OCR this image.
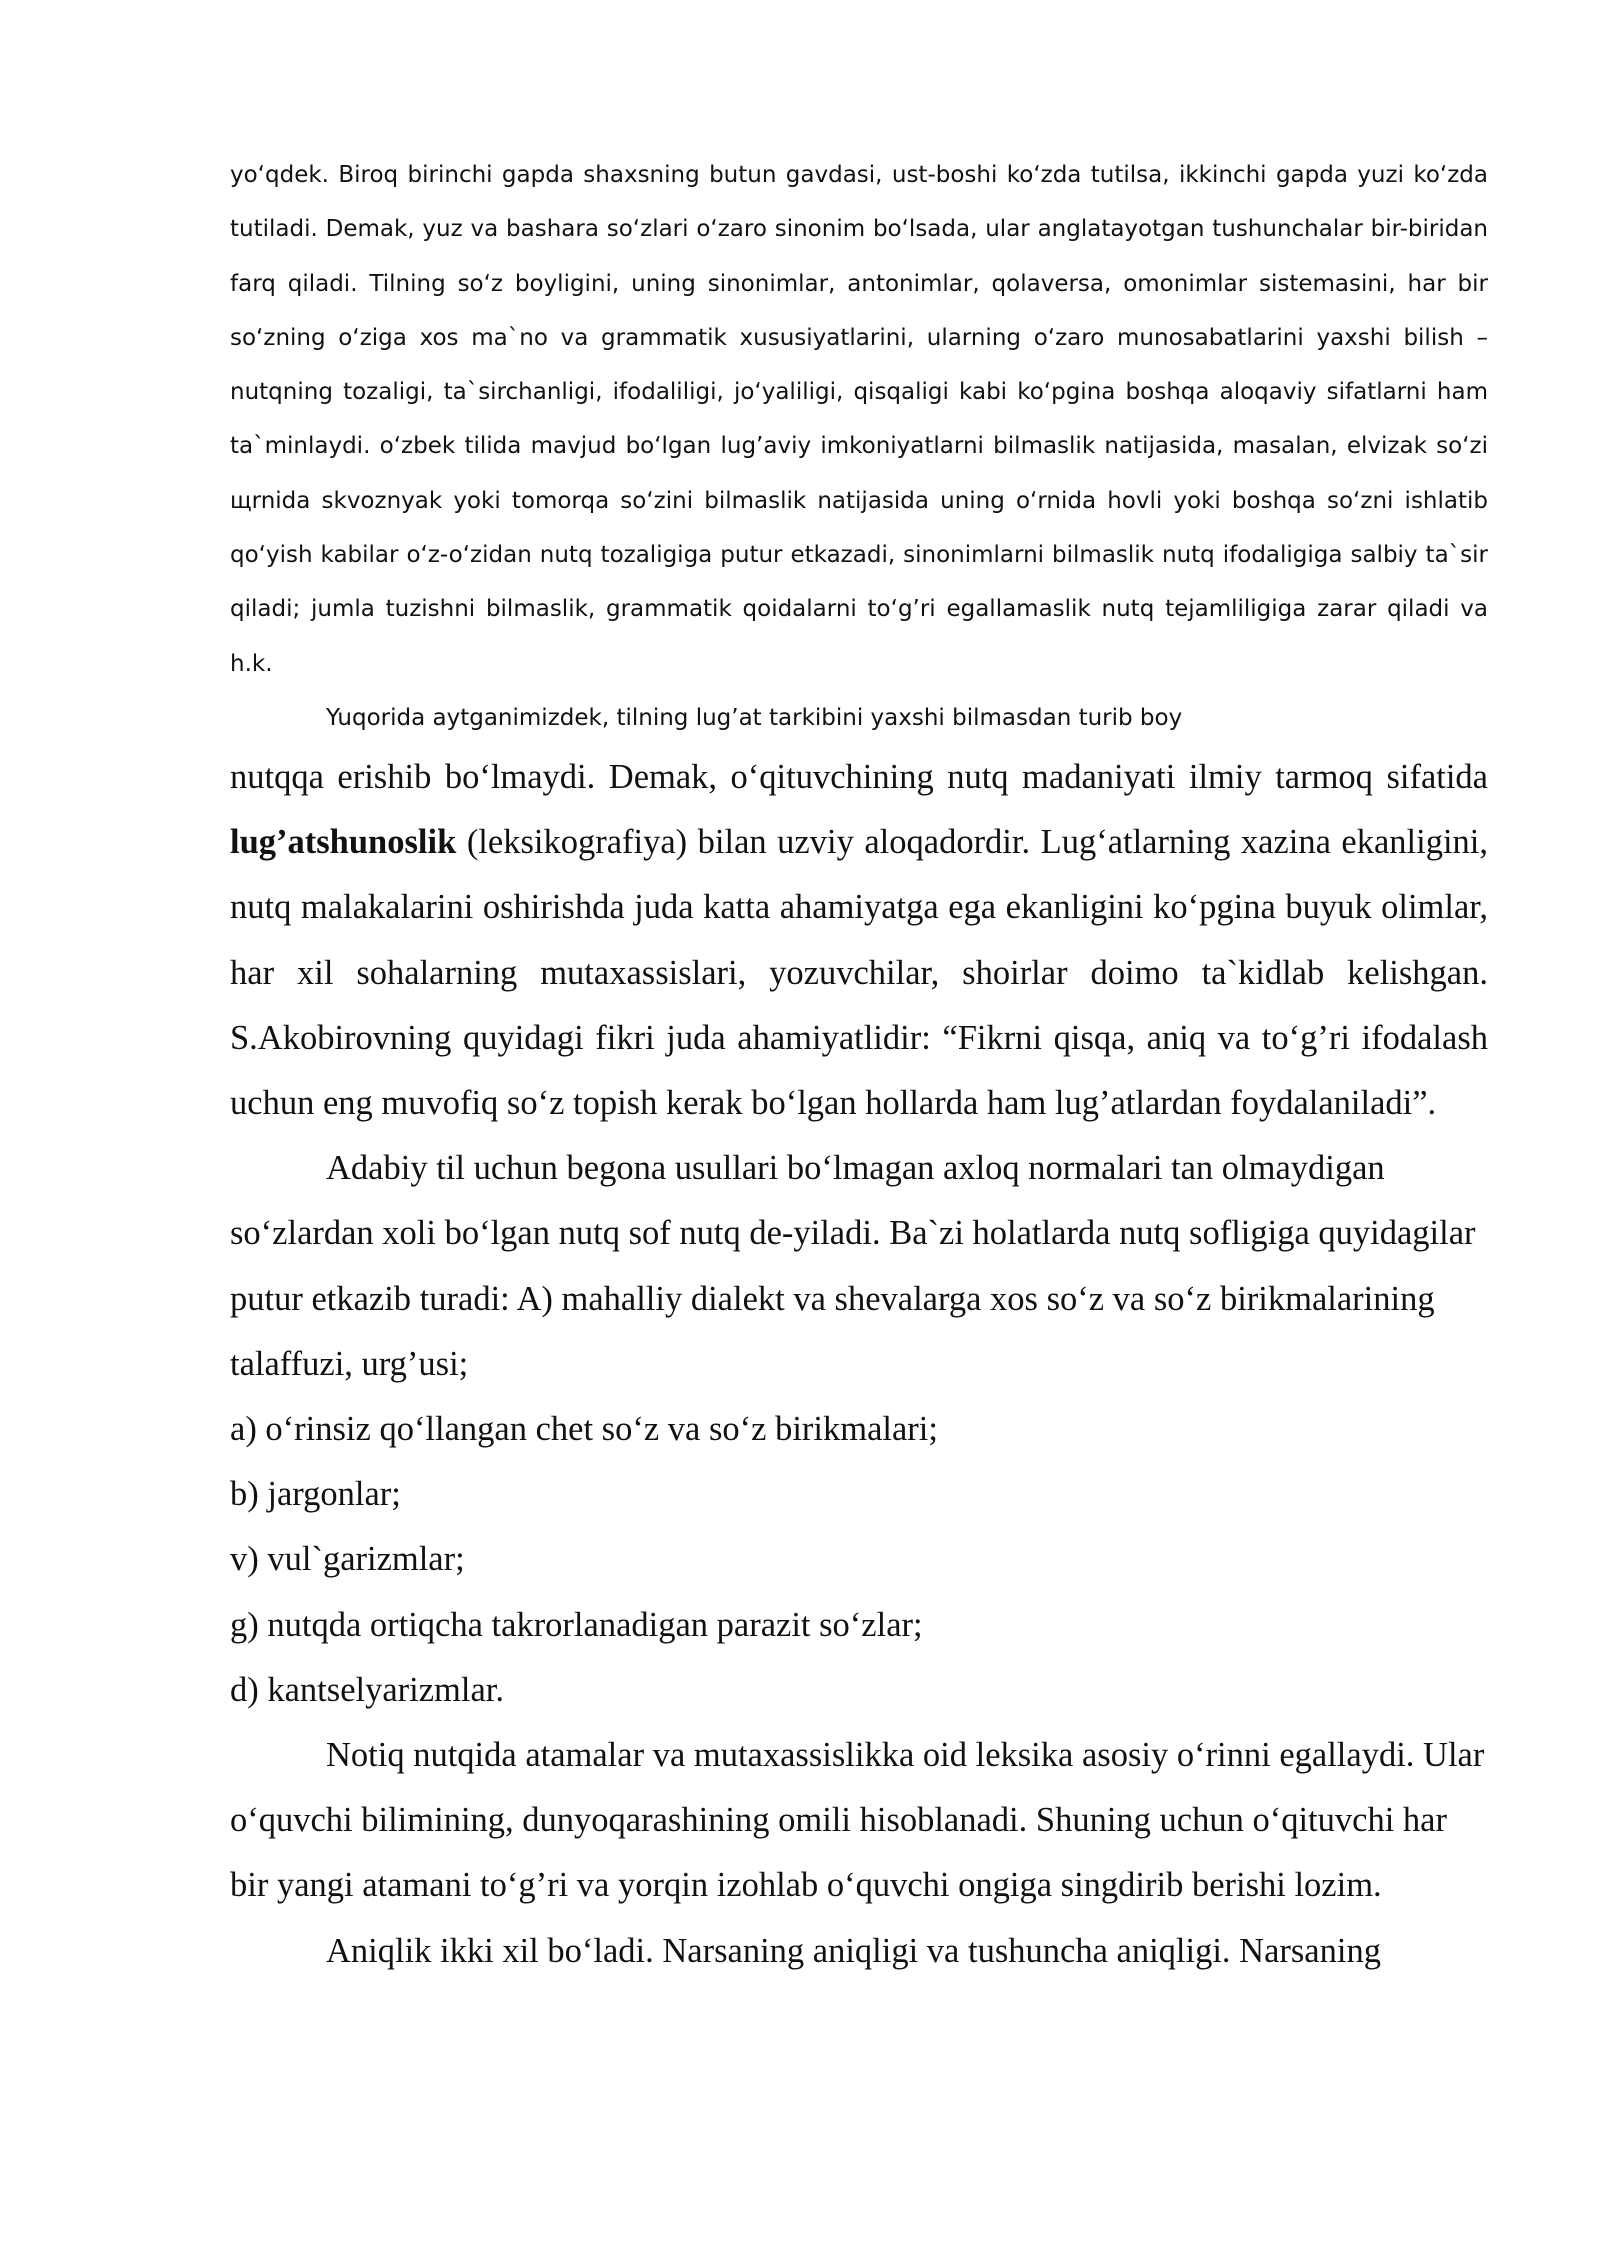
yo‘qdek. Biroq birinchi gapda shaxsning butun gavdasi, ust-boshi ko‘zda tutilsa, ikkinchi gapda yuzi ko‘zda tutiladi. Demak, yuz va bashara so‘zlari o‘zaro sinonim bo‘lsada, ular anglatayotgan tushunchalar bir-biridan farq qiladi. Tilning so‘z boyligini, uning sinonimlar, antonimlar, qolaversa, omonimlar sistemasini, har bir so‘zning o‘ziga xos ma`no va grammatik xususiyatlarini, ularning o‘zaro munosabatlarini yaxshi bilish – nutqning tozaligi, ta`sirchanligi, ifodaliligi, jo‘yaliligi, qisqaligi kabi ko‘pgina boshqa aloqaviy sifatlarni ham ta`minlaydi. o‘zbek tilida mavjud bo‘lgan lug’aviy imkoniyatlarni bilmaslik natijasida, masalan, elvizak so‘zi щrnida skvoznyak yoki tomorqa so‘zini bilmaslik natijasida uning o‘rnida hovli yoki boshqa so‘zni ishlatib qo‘yish kabilar o‘z-o‘zidan nutq tozaligiga putur etkazadi, sinonimlarni bilmaslik nutq ifodaligiga salbiy ta`sir qiladi; jumla tuzishni bilmaslik, grammatik qoidalarni to‘g’ri egallamaslik nutq tejamliligiga zarar qiladi va h.k.

Yuqorida aytganimizdek, tilning lug’at tarkibini yaxshi bilmasdan turib boy

nutqqa erishib bo‘lmaydi. Demak, o‘qituvchining nutq madaniyati ilmiy tarmoq sifatida lug’atshunoslik (leksikografiya) bilan uzviy aloqadordir. Lug‘atlarning xazina ekanligini, nutq malakalarini oshirishda juda katta ahamiyatga ega ekanligini ko‘pgina buyuk olimlar, har xil sohalarning mutaxassislari, yozuvchilar, shoirlar doimo ta`kidlab kelishgan. S.Akobirovning quyidagi fikri juda ahamiyatlidir: “Fikrni qisqa, aniq va to‘g’ri ifodalash uchun eng muvofiq so‘z topish kerak bo‘lgan hollarda ham lug’atlardan foydalaniladi”.

Adabiy til uchun begona usullari bo‘lmagan axloq normalari tan olmaydigan so‘zlardan xoli bo‘lgan nutq sof nutq de-yiladi. Ba`zi holatlarda nutq sofligiga quyidagilar putur etkazib turadi: A) mahalliy dialekt va shevalarga xos so‘z va so‘z birikmalarining talaffuzi, urg’usi;

a) o‘rinsiz qo‘llangan chet so‘z va so‘z birikmalari;

b) jargonlar;

v) vul`garizmlar;

g) nutqda ortiqcha takrorlanadigan parazit so‘zlar;

d) kantselyarizmlar.

Notiq nutqida atamalar va mutaxassislikka oid leksika asosiy o‘rinni egallaydi. Ular o‘quvchi bilimining, dunyoqarashining omili hisoblanadi. Shuning uchun o‘qituvchi har bir yangi atamani to‘g’ri va yorqin izohlab o‘quvchi ongiga singdirib berishi lozim.

Aniqlik ikki xil bo‘ladi. Narsaning aniqligi va tushuncha aniqligi. Narsaning
